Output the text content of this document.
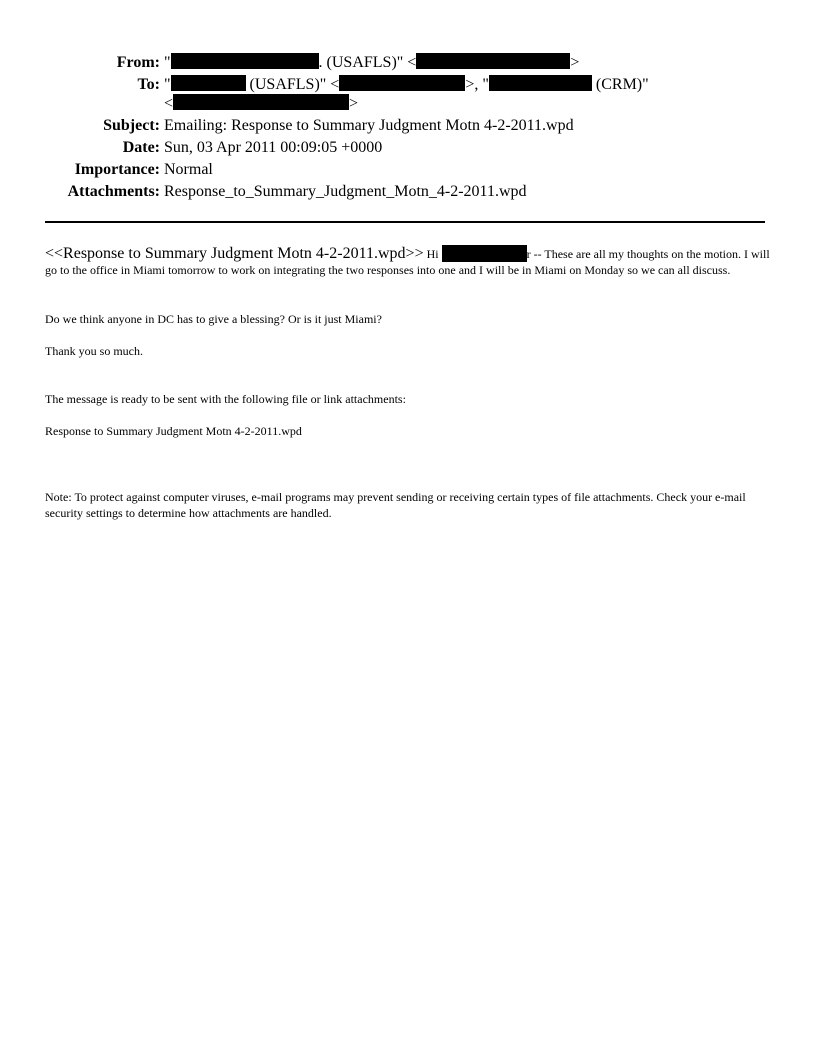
From: "	. (USAFLS)" <	>
To: "	(USAFLS)" <	>, "	(CRM)"
<	>
Subject: Emailing: Response to Summary Judgment Motn 4-2-2011.wpd
Date: Sun, 03 Apr 2011 00:09:05 +0000
Importance: Normal
Attachments: Response_to_Summary_Judgment_Motn_4-2-2011.wpd
<<Response to Summary Judgment Motn 4-2-2011.wpd>> Hi	r -- These are all my thoughts on the motion. I will go to the office in Miami tomorrow to work on integrating the two responses into one and I will be in Miami on Monday so we can all discuss.
Do we think anyone in DC has to give a blessing? Or is it just Miami?
Thank you so much.
The message is ready to be sent with the following file or link attachments:
Response to Summary Judgment Motn 4-2-2011.wpd
Note: To protect against computer viruses, e-mail programs may prevent sending or receiving certain types of file attachments. Check your e-mail security settings to determine how attachments are handled.
